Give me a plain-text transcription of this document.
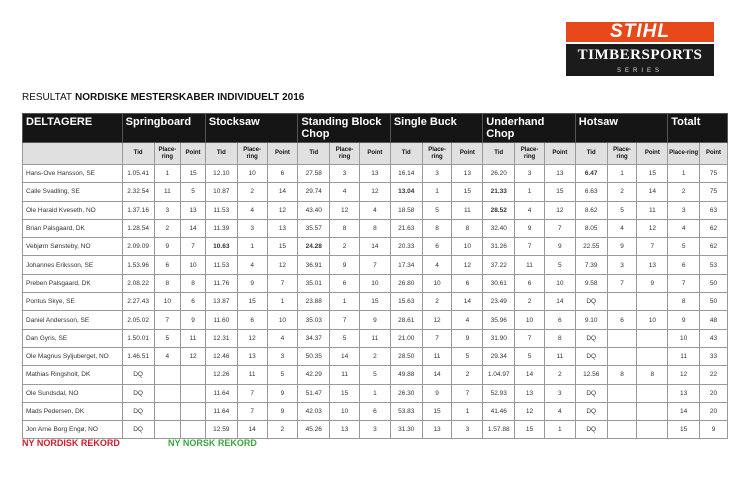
STIHL
TIMBERSPORTS
SERIES
RESULTAT NORDISKE MESTERSKABER INDIVIDUELT 2016
DELTAGERE	Springboard			Stocksaw			Standing Block Chop			Single Buck			Underhand Chop			Hotsaw			Totalt	
	Tid	Place-ring	Point	Tid	Place-ring	Point	Tid	Place-ring	Point	Tid	Place-ring	Point	Tid	Place-ring	Point	Tid	Place-ring	Point	Place-ring	Point
Hans-Ove Hansson, SE	1.05.41	1	15	12.10	10	6	27.58	3	13	16.14	3	13	26.20	3	13	6.47	1	15	1	75
Calle Svadling, SE	2.32.54	11	5	10.87	2	14	29.74	4	12	13.04	1	15	21.33	1	15	6.63	2	14	2	75
Ole Harald Kveseth, NO	1.37.16	3	13	11.53	4	12	43.40	12	4	18.58	5	11	28.52	4	12	8.62	5	11	3	63
Brian Palsgaard, DK	1.28.54	2	14	11.39	3	13	35.57	8	8	21.63	8	8	32.40	9	7	8.05	4	12	4	62
Vebjørn Sønsteby, NO	2.09.09	9	7	10.63	1	15	24.28	2	14	20.33	6	10	31.26	7	9	22.55	9	7	5	62
Johannes Eriksson, SE	1.53.96	6	10	11.53	4	12	36.91	9	7	17.34	4	12	37.22	11	5	7.39	3	13	6	53
Preben Palsgaard, DK	2.08.22	8	8	11.76	9	7	35.01	6	10	26.80	10	6	30.61	6	10	9.58	7	9	7	50
Pontus Skye, SE	2.27.43	10	6	13.87	15	1	23.88	1	15	15.63	2	14	23.49	2	14	DQ			8	50
Daniel Andersson, SE	2.05.02	7	9	11.60	6	10	35.03	7	9	28.61	12	4	35.96	10	6	9.10	6	10	9	48
Dan Gyris, SE	1.50.01	5	11	12.31	12	4	34.37	5	11	21.00	7	9	31.90	7	8	DQ			10	43
Ole Magnus Syljuberget, NO	1.46.51	4	12	12.46	13	3	50.35	14	2	28.50	11	5	29.34	5	11	DQ			11	33
Mathias Ringsholt, DK	DQ			12.26	11	5	42.29	11	5	49.88	14	2	1.04.97	14	2	12.56	8	8	12	22
Ole Sundsdal, NO	DQ			11.64	7	9	51.47	15	1	26.30	9	7	52.93	13	3	DQ			13	20
Mads Pedersen, DK	DQ			11.64	7	9	42.03	10	6	53.83	15	1	41.46	12	4	DQ			14	20
Jon Arne Borg Engø, NO	DQ			12.59	14	2	45.26	13	3	31.30	13	3	1.57.88	15	1	DQ			15	9
NY NORDISK REKORD	NY NORSK REKORD
